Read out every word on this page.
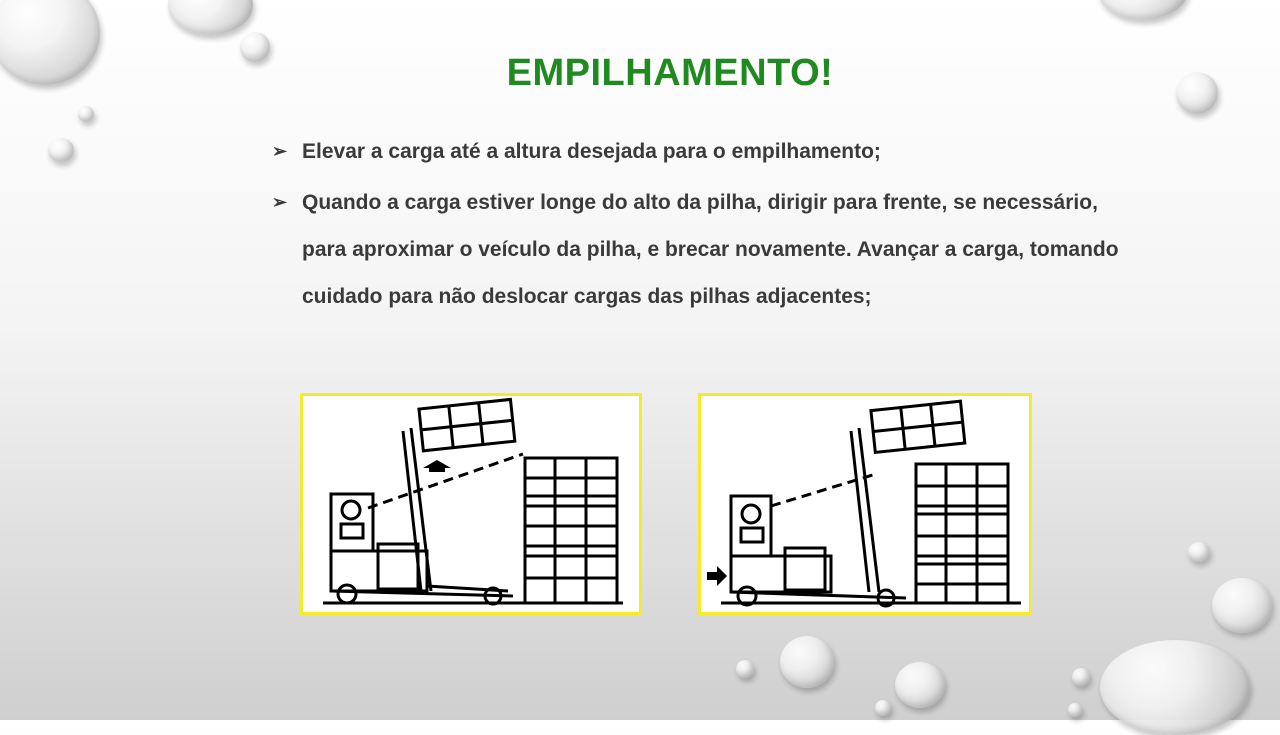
EMPILHAMENTO!
➢ Elevar a carga até a altura desejada para o empilhamento;
➢ Quando a carga estiver longe do alto da pilha, dirigir para frente, se necessário, para aproximar o veículo da pilha, e brecar novamente. Avançar a carga, tomando cuidado para não deslocar cargas das pilhas adjacentes;
